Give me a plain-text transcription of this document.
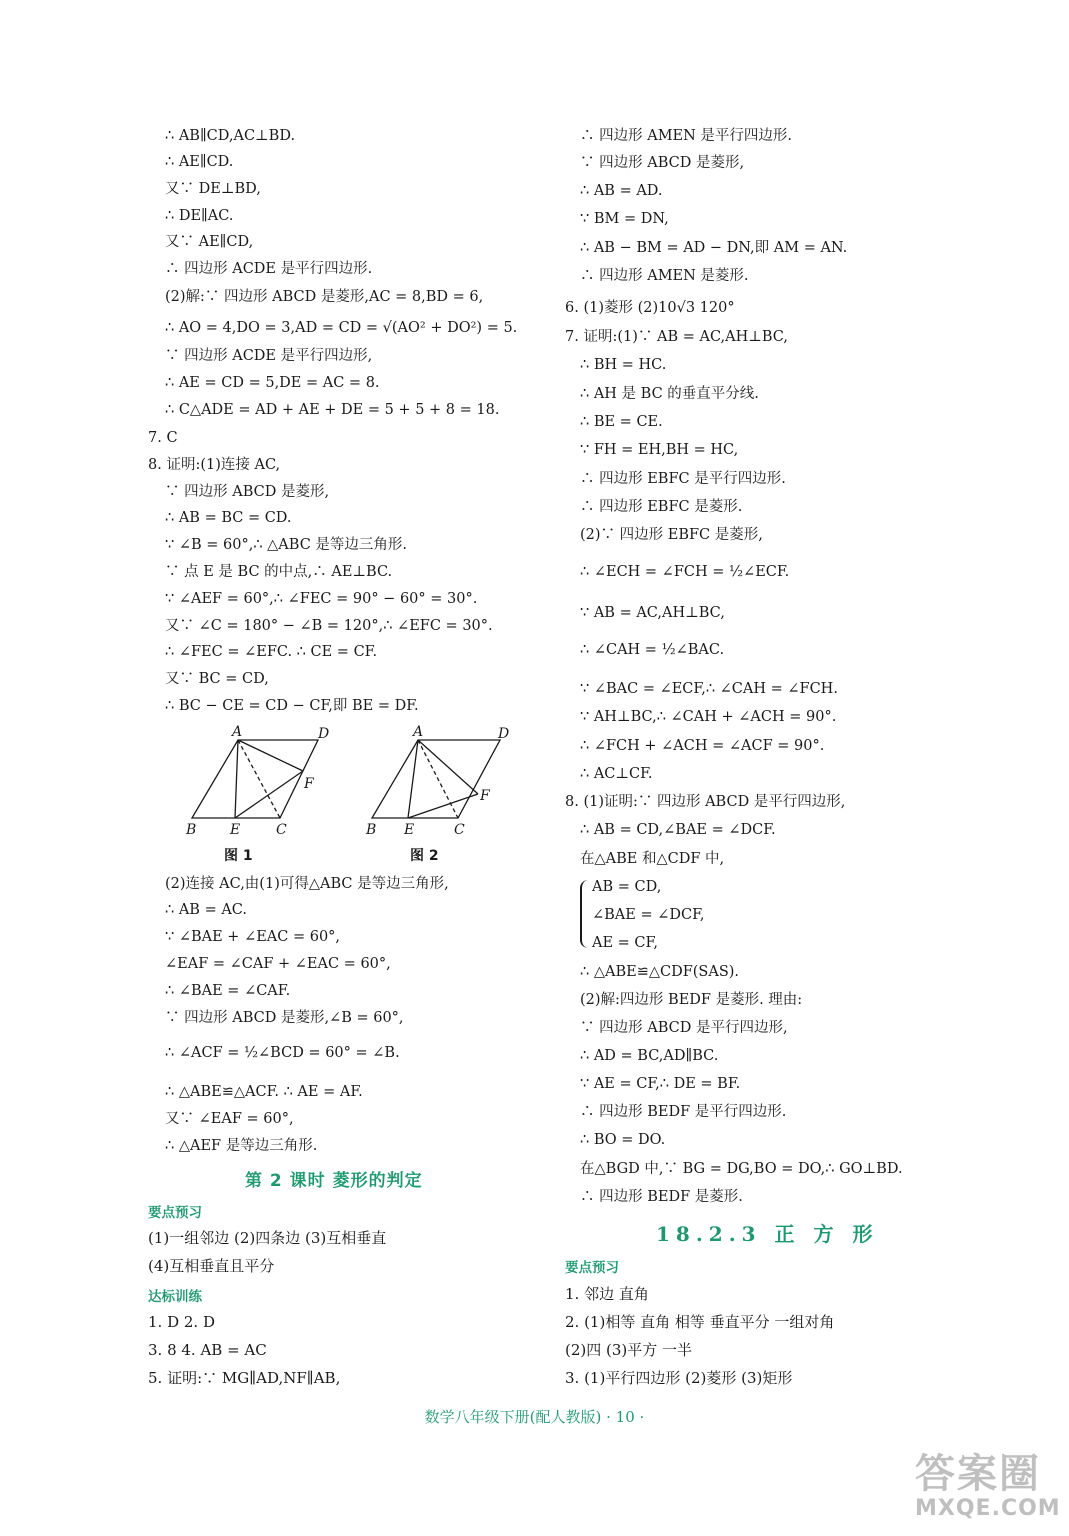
∴ AB∥CD,AC⊥BD.
∴ AE∥CD.
又∵ DE⊥BD,
∴ DE∥AC.
又∵ AE∥CD,
∴ 四边形 ACDE 是平行四边形.
(2)解:∵ 四边形 ABCD 是菱形,AC = 8,BD = 6,
∴ AO = 4,DO = 3,AD = CD = √(AO² + DO²) = 5.
∵ 四边形 ACDE 是平行四边形,
∴ AE = CD = 5,DE = AC = 8.
∴ C△ADE = AD + AE + DE = 5 + 5 + 8 = 18.
7. C
8. 证明:(1)连接 AC,
∵ 四边形 ABCD 是菱形,
∴ AB = BC = CD.
∵ ∠B = 60°,∴ △ABC 是等边三角形.
∵ 点 E 是 BC 的中点,∴ AE⊥BC.
∵ ∠AEF = 60°,∴ ∠FEC = 90° − 60° = 30°.
又∵ ∠C = 180° − ∠B = 120°,∴ ∠EFC = 30°.
∴ ∠FEC = ∠EFC. ∴ CE = CF.
又∵ BC = CD,
∴ BC − CE = CD − CF,即 BE = DF.
A	D
B E	C
F
图 1
A	D
B E	C
F
图 2
(2)连接 AC,由(1)可得△ABC 是等边三角形,
∴ AB = AC.
∵ ∠BAE + ∠EAC = 60°,
∠EAF = ∠CAF + ∠EAC = 60°,
∴ ∠BAE = ∠CAF.
∵ 四边形 ABCD 是菱形,∠B = 60°,
∴ ∠ACF = ½∠BCD = 60° = ∠B.
∴ △ABE≌△ACF. ∴ AE = AF.
又∵ ∠EAF = 60°,
∴ △AEF 是等边三角形.
第 2 课时 菱形的判定
要点预习
(1)一组邻边 (2)四条边 (3)互相垂直
(4)互相垂直且平分
达标训练
1. D 2. D
3. 8 4. AB = AC
5. 证明:∵ MG∥AD,NF∥AB,
∴ 四边形 AMEN 是平行四边形.
∵ 四边形 ABCD 是菱形,
∴ AB = AD.
∵ BM = DN,
∴ AB − BM = AD − DN,即 AM = AN.
∴ 四边形 AMEN 是菱形.
6. (1)菱形 (2)10√3 120°
7. 证明:(1)∵ AB = AC,AH⊥BC,
∴ BH = HC.
∴ AH 是 BC 的垂直平分线.
∴ BE = CE.
∵ FH = EH,BH = HC,
∴ 四边形 EBFC 是平行四边形.
∴ 四边形 EBFC 是菱形.
(2)∵ 四边形 EBFC 是菱形,
∴ ∠ECH = ∠FCH = ½∠ECF.
∵ AB = AC,AH⊥BC,
∴ ∠CAH = ½∠BAC.
∵ ∠BAC = ∠ECF,∴ ∠CAH = ∠FCH.
∵ AH⊥BC,∴ ∠CAH + ∠ACH = 90°.
∴ ∠FCH + ∠ACH = ∠ACF = 90°.
∴ AC⊥CF.
8. (1)证明:∵ 四边形 ABCD 是平行四边形,
∴ AB = CD,∠BAE = ∠DCF.
在△ABE 和△CDF 中,
AB = CD,
∠BAE = ∠DCF,
AE = CF,
∴ △ABE≌△CDF(SAS).
(2)解:四边形 BEDF 是菱形. 理由:
∵ 四边形 ABCD 是平行四边形,
∴ AD = BC,AD∥BC.
∵ AE = CF,∴ DE = BF.
∴ 四边形 BEDF 是平行四边形.
∴ BO = DO.
在△BGD 中,∵ BG = DG,BO = DO,∴ GO⊥BD.
∴ 四边形 BEDF 是菱形.
18.2.3 正 方 形
要点预习
1. 邻边 直角
2. (1)相等 直角 相等 垂直平分 一组对角
(2)四 (3)平方 一半
3. (1)平行四边形 (2)菱形 (3)矩形
数学八年级下册(配人教版) · 10 ·
答案圈
MXQE.COM
